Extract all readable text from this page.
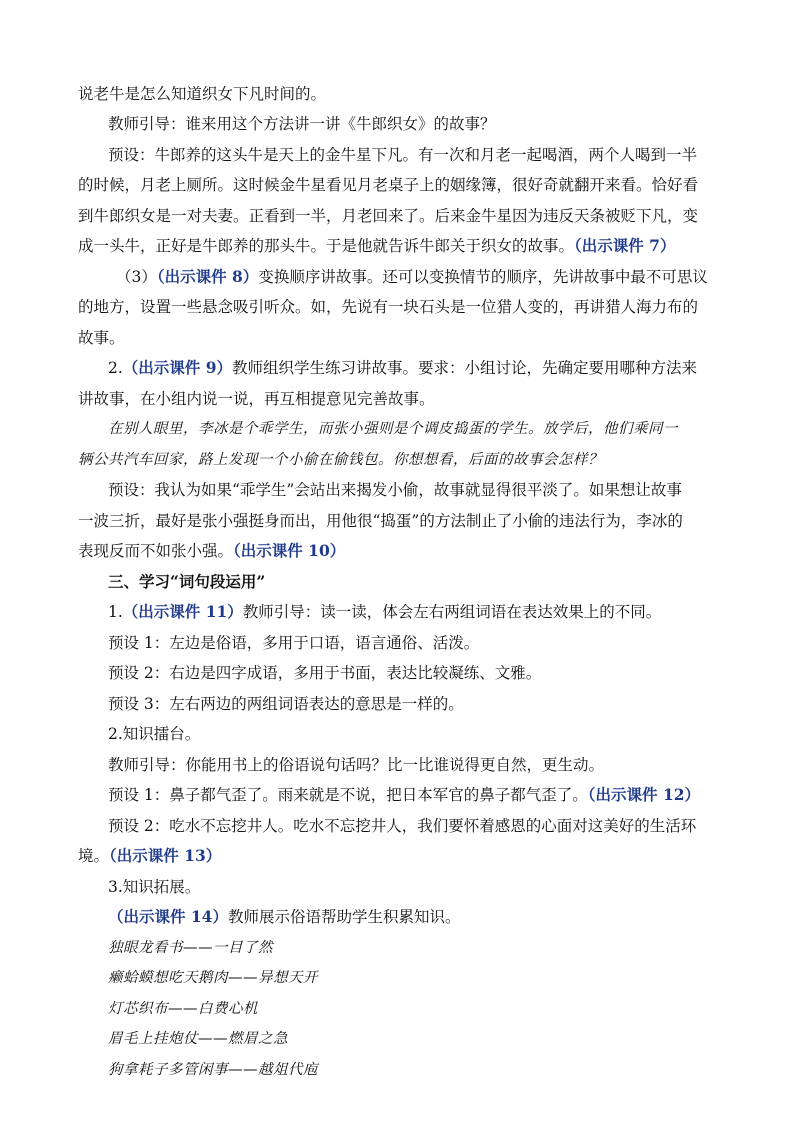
说老牛是怎么知道织女下凡时间的。
教师引导：谁来用这个方法讲一讲《牛郎织女》的故事？
预设：牛郎养的这头牛是天上的金牛星下凡。有一次和月老一起喝酒，两个人喝到一半
的时候，月老上厕所。这时候金牛星看见月老桌子上的姻缘簿，很好奇就翻开来看。恰好看
到牛郎织女是一对夫妻。正看到一半，月老回来了。后来金牛星因为违反天条被贬下凡，变
成一头牛，正好是牛郎养的那头牛。于是他就告诉牛郎关于织女的故事。（出示课件 7）
（3）（出示课件 8）变换顺序讲故事。还可以变换情节的顺序，先讲故事中最不可思议
的地方，设置一些悬念吸引听众。如，先说有一块石头是一位猎人变的，再讲猎人海力布的
故事。
2.（出示课件 9）教师组织学生练习讲故事。要求：小组讨论，先确定要用哪种方法来
讲故事，在小组内说一说，再互相提意见完善故事。
在别人眼里，李冰是个乖学生，而张小强则是个调皮捣蛋的学生。放学后，他们乘同一
辆公共汽车回家，路上发现一个小偷在偷钱包。你想想看，后面的故事会怎样？
预设：我认为如果“乖学生”会站出来揭发小偷，故事就显得很平淡了。如果想让故事
一波三折，最好是张小强挺身而出，用他很“捣蛋”的方法制止了小偷的违法行为，李冰的
表现反而不如张小强。（出示课件 10）
三、学习“词句段运用”
1.（出示课件 11）教师引导：读一读，体会左右两组词语在表达效果上的不同。
预设 1：左边是俗语，多用于口语，语言通俗、活泼。
预设 2：右边是四字成语，多用于书面，表达比较凝练、文雅。
预设 3：左右两边的两组词语表达的意思是一样的。
2.知识擂台。
教师引导：你能用书上的俗语说句话吗？比一比谁说得更自然，更生动。
预设 1：鼻子都气歪了。雨来就是不说，把日本军官的鼻子都气歪了。（出示课件 12）
预设 2：吃水不忘挖井人。吃水不忘挖井人，我们要怀着感恩的心面对这美好的生活环
境。（出示课件 13）
3.知识拓展。
（出示课件 14）教师展示俗语帮助学生积累知识。
独眼龙看书——一目了然
癞蛤蟆想吃天鹅肉——异想天开
灯芯织布——白费心机
眉毛上挂炮仗——燃眉之急
狗拿耗子多管闲事——越俎代庖
